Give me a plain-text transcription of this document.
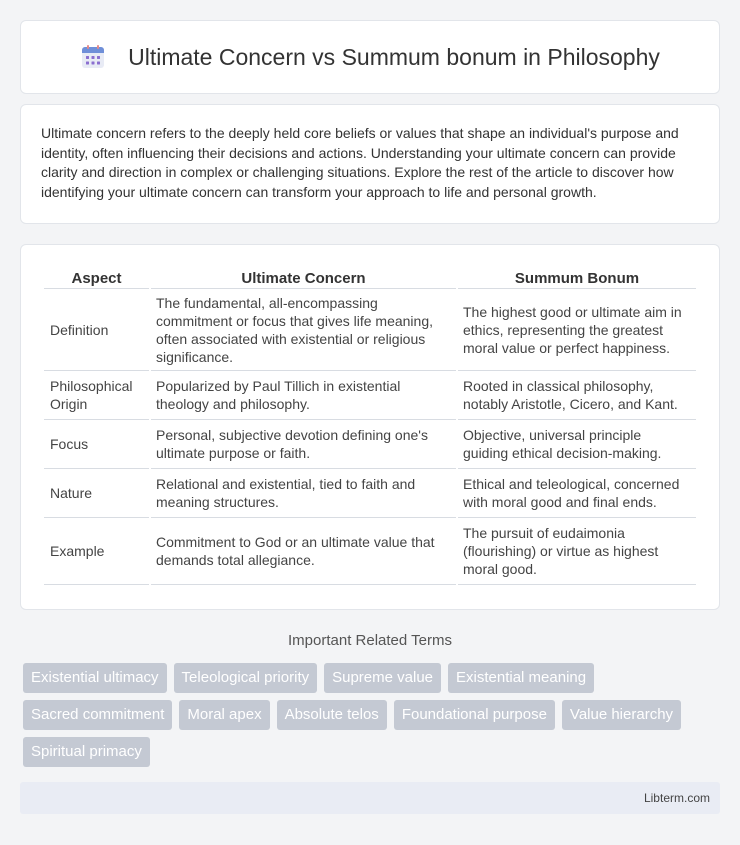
Ultimate Concern vs Summum bonum in Philosophy

Ultimate concern refers to the deeply held core beliefs or values that shape an individual's purpose and identity, often influencing their decisions and actions. Understanding your ultimate concern can provide clarity and direction in complex or challenging situations. Explore the rest of the article to discover how identifying your ultimate concern can transform your approach to life and personal growth.

Aspect	Ultimate Concern	Summum Bonum
Definition	The fundamental, all-encompassing commitment or focus that gives life meaning, often associated with existential or religious significance.	The highest good or ultimate aim in ethics, representing the greatest moral value or perfect happiness.
Philosophical Origin	Popularized by Paul Tillich in existential theology and philosophy.	Rooted in classical philosophy, notably Aristotle, Cicero, and Kant.
Focus	Personal, subjective devotion defining one's ultimate purpose or faith.	Objective, universal principle guiding ethical decision-making.
Nature	Relational and existential, tied to faith and meaning structures.	Ethical and teleological, concerned with moral good and final ends.
Example	Commitment to God or an ultimate value that demands total allegiance.	The pursuit of eudaimonia (flourishing) or virtue as highest moral good.
Important Related Terms
Existential ultimacy	Teleological priority	Supreme value	Existential meaning
Sacred commitment	Moral apex	Absolute telos	Foundational purpose	Value hierarchy
Spiritual primacy
Libterm.com
